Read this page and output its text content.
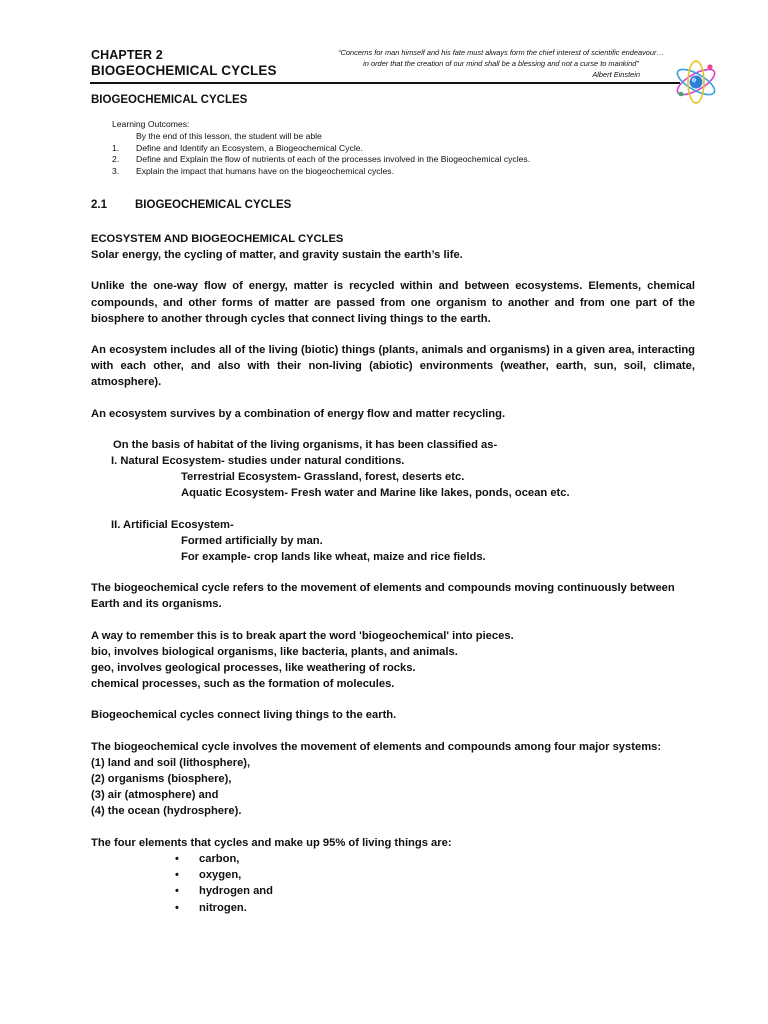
CHAPTER 2
BIOGEOCHEMICAL CYCLES
“Concerns for man himself and his fate must always form the chief interest of scientific endeavour…
in order that the creation of our mind shall be a blessing and not a curse to mankind”
Albert Einstein
BIOGEOCHEMICAL CYCLES
Learning Outcomes:
By the end of this lesson, the student will be able
1.	Define and Identify an Ecosystem, a Biogeochemical Cycle.
2.	Define and Explain the flow of nutrients of each of the processes involved in the Biogeochemical cycles.
3.	Explain the impact that humans have on the biogeochemical cycles.
2.1 BIOGEOCHEMICAL CYCLES

ECOSYSTEM AND BIOGEOCHEMICAL CYCLES

Solar energy, the cycling of matter, and gravity sustain the earth’s life.

Unlike the one-way flow of energy, matter is recycled within and between ecosystems. Elements, chemical compounds, and other forms of matter are passed from one organism to another and from one part of the biosphere to another through cycles that connect living things to the earth.

An ecosystem includes all of the living (biotic) things (plants, animals and organisms) in a given area, interacting with each other, and also with their non-living (abiotic) environments (weather, earth, sun, soil, climate, atmosphere).

An ecosystem survives by a combination of energy flow and matter recycling.

On the basis of habitat of the living organisms, it has been classified as-

I. Natural Ecosystem- studies under natural conditions.

Terrestrial Ecosystem- Grassland, forest, deserts etc.

Aquatic Ecosystem- Fresh water and Marine like lakes, ponds, ocean etc.

II. Artificial Ecosystem-

Formed artificially by man.

For example- crop lands like wheat, maize and rice fields.

The biogeochemical cycle refers to the movement of elements and compounds moving continuously between Earth and its organisms.

A way to remember this is to break apart the word 'biogeochemical' into pieces.

bio, involves biological organisms, like bacteria, plants, and animals.

geo, involves geological processes, like weathering of rocks.

chemical processes, such as the formation of molecules.

Biogeochemical cycles connect living things to the earth.

The biogeochemical cycle involves the movement of elements and compounds among four major systems:

(1) land and soil (lithosphere),

(2) organisms (biosphere),

(3) air (atmosphere) and

(4) the ocean (hydrosphere).

The four elements that cycles and make up 95% of living things are:

•	carbon,
•	oxygen,
•	hydrogen and
•	nitrogen.
